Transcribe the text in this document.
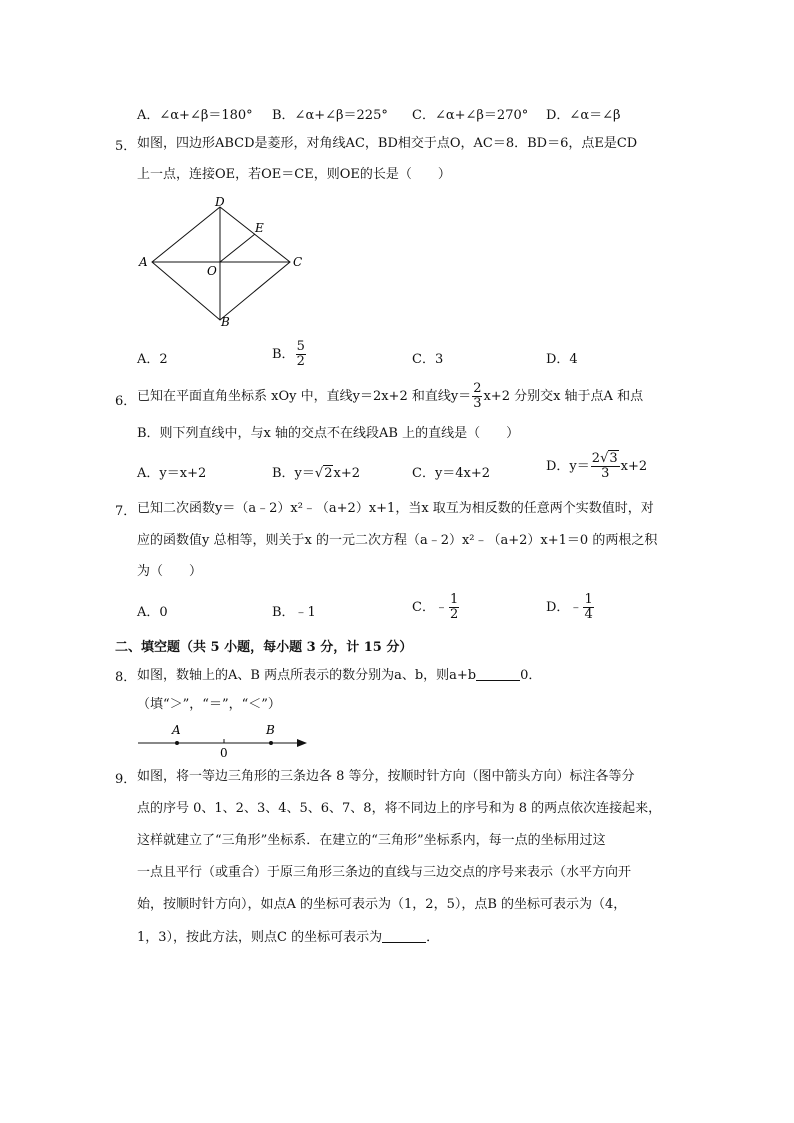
A．∠α+∠β＝180° B．∠α+∠β＝225° C．∠α+∠β＝270° D．∠α＝∠β
5． 如图，四边形ABCD是菱形，对角线AC，BD相交于点O，AC＝8．BD＝6，点E是CD
上一点，连接OE，若OE＝CE，则OE的长是（　　）
A
D
E
C
O
B
A．2	B． $\frac{5}{2}$	C．3	D．4
6． 已知在平面直角坐标系 xOy 中，直线y＝2x+2 和直线$y= \frac{2}{3} x+2$ 分别交x 轴于点A 和点
B．则下列直线中，与x 轴的交点不在线段AB 上的直线是（　　）
A．y＝x+2	B．y＝√2x+2	C．y＝4x+2	D．$y= \frac{2√3}{3} x+2$
7． 已知二次函数y＝（a﹣2）x²﹣（a+2）x+1，当x 取互为相反数的任意两个实数值时，对
应的函数值y 总相等，则关于x 的一元二次方程（a﹣2）x²﹣（a+2）x+1＝0 的两根之积
为（　　）
A．0	B．﹣1	C．﹣ $\frac{1}{2}$	D．﹣ $\frac{1}{4}$
二、填空题（共 5 小题，每小题 3 分，计 15 分）
8． 如图，数轴上的A、B 两点所表示的数分别为a、b，则a+b	0．
（填“＞”，“＝”，“＜”）
A	B
0
9． 如图，将一等边三角形的三条边各 8 等分，按顺时针方向（图中箭头方向）标注各等分
点的序号 0、1、2、3、4、5、6、7、8，将不同边上的序号和为 8 的两点依次连接起来，
这样就建立了“三角形”坐标系．在建立的“三角形”坐标系内，每一点的坐标用过这
一点且平行（或重合）于原三角形三条边的直线与三边交点的序号来表示（水平方向开
始，按顺时针方向），如点A 的坐标可表示为（1，2，5），点B 的坐标可表示为（4，
1，3），按此方法，则点C 的坐标可表示为	．
